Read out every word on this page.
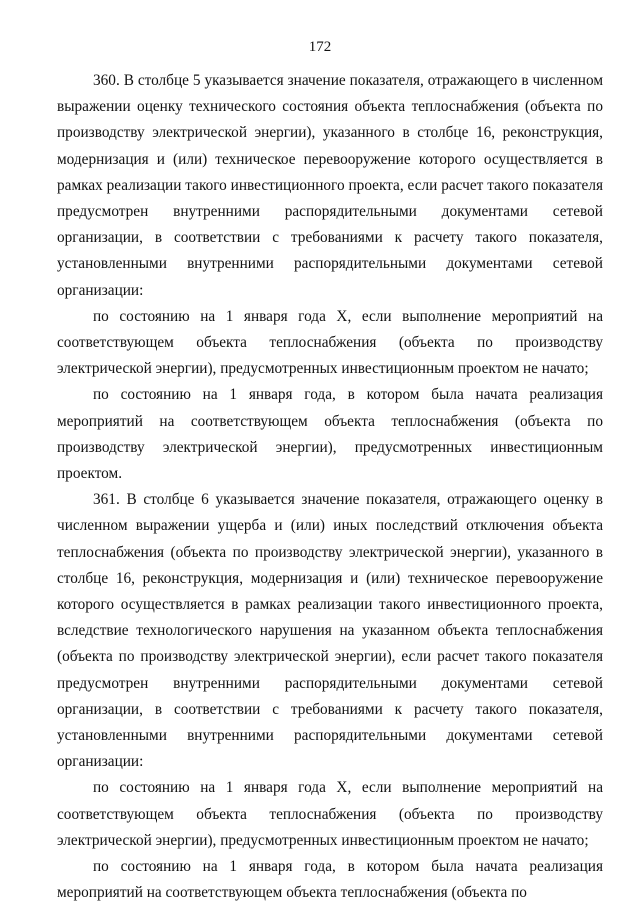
172

360. В столбце 5 указывается значение показателя, отражающего в численном выражении оценку технического состояния объекта теплоснабжения (объекта по производству электрической энергии), указанного в столбце 16, реконструкция, модернизация и (или) техническое перевооружение которого осуществляется в рамках реализации такого инвестиционного проекта, если расчет такого показателя предусмотрен внутренними распорядительными документами сетевой организации, в соответствии с требованиями к расчету такого показателя, установленными внутренними распорядительными документами сетевой организации:

по состоянию на 1 января года X, если выполнение мероприятий на соответствующем объекта теплоснабжения (объекта по производству электрической энергии), предусмотренных инвестиционным проектом не начато;

по состоянию на 1 января года, в котором была начата реализация мероприятий на соответствующем объекта теплоснабжения (объекта по производству электрической энергии), предусмотренных инвестиционным проектом.

361. В столбце 6 указывается значение показателя, отражающего оценку в численном выражении ущерба и (или) иных последствий отключения объекта теплоснабжения (объекта по производству электрической энергии), указанного в столбце 16, реконструкция, модернизация и (или) техническое перевооружение которого осуществляется в рамках реализации такого инвестиционного проекта, вследствие технологического нарушения на указанном объекта теплоснабжения (объекта по производству электрической энергии), если расчет такого показателя предусмотрен внутренними распорядительными документами сетевой организации, в соответствии с требованиями к расчету такого показателя, установленными внутренними распорядительными документами сетевой организации:

по состоянию на 1 января года X, если выполнение мероприятий на соответствующем объекта теплоснабжения (объекта по производству электрической энергии), предусмотренных инвестиционным проектом не начато;

по состоянию на 1 января года, в котором была начата реализация мероприятий на соответствующем объекта теплоснабжения (объекта по
